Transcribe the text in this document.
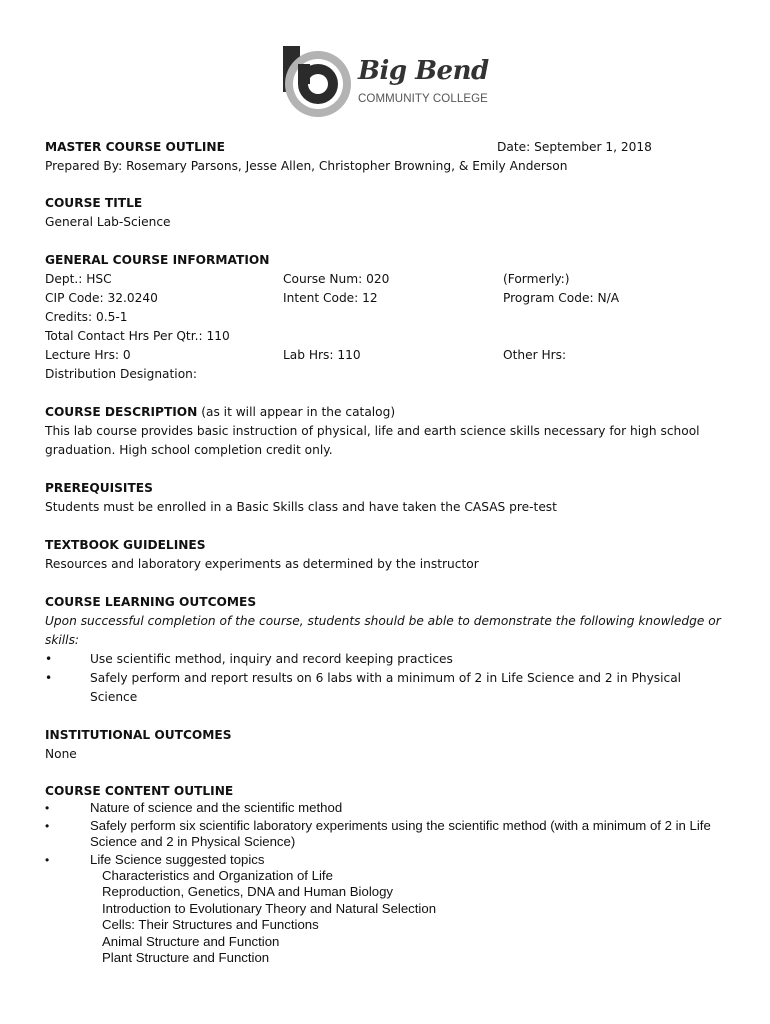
Big Bend
COMMUNITY COLLEGE
MASTER COURSE OUTLINE	Date: September 1, 2018
Prepared By: Rosemary Parsons, Jesse Allen, Christopher Browning, & Emily Anderson
COURSE TITLE
General Lab-Science
GENERAL COURSE INFORMATION
Dept.: HSC	Course Num: 020	(Formerly:)
CIP Code: 32.0240	Intent Code: 12	Program Code: N/A
Credits: 0.5-1
Total Contact Hrs Per Qtr.: 110
Lecture Hrs: 0	Lab Hrs: 110	Other Hrs:
Distribution Designation:
COURSE DESCRIPTION (as it will appear in the catalog)
This lab course provides basic instruction of physical, life and earth science skills necessary for high school
graduation. High school completion credit only.
PREREQUISITES
Students must be enrolled in a Basic Skills class and have taken the CASAS pre-test
TEXTBOOK GUIDELINES
Resources and laboratory experiments as determined by the instructor
COURSE LEARNING OUTCOMES
Upon successful completion of the course, students should be able to demonstrate the following knowledge or
skills:
•	Use scientific method, inquiry and record keeping practices
•	Safely perform and report results on 6 labs with a minimum of 2 in Life Science and 2 in Physical
Science
INSTITUTIONAL OUTCOMES
None
COURSE CONTENT OUTLINE
•	Nature of science and the scientific method
•	Safely perform six scientific laboratory experiments using the scientific method (with a minimum of 2 in Life
Science and 2 in Physical Science)
•	Life Science suggested topics
Characteristics and Organization of Life
Reproduction, Genetics, DNA and Human Biology
Introduction to Evolutionary Theory and Natural Selection
Cells: Their Structures and Functions
Animal Structure and Function
Plant Structure and Function
